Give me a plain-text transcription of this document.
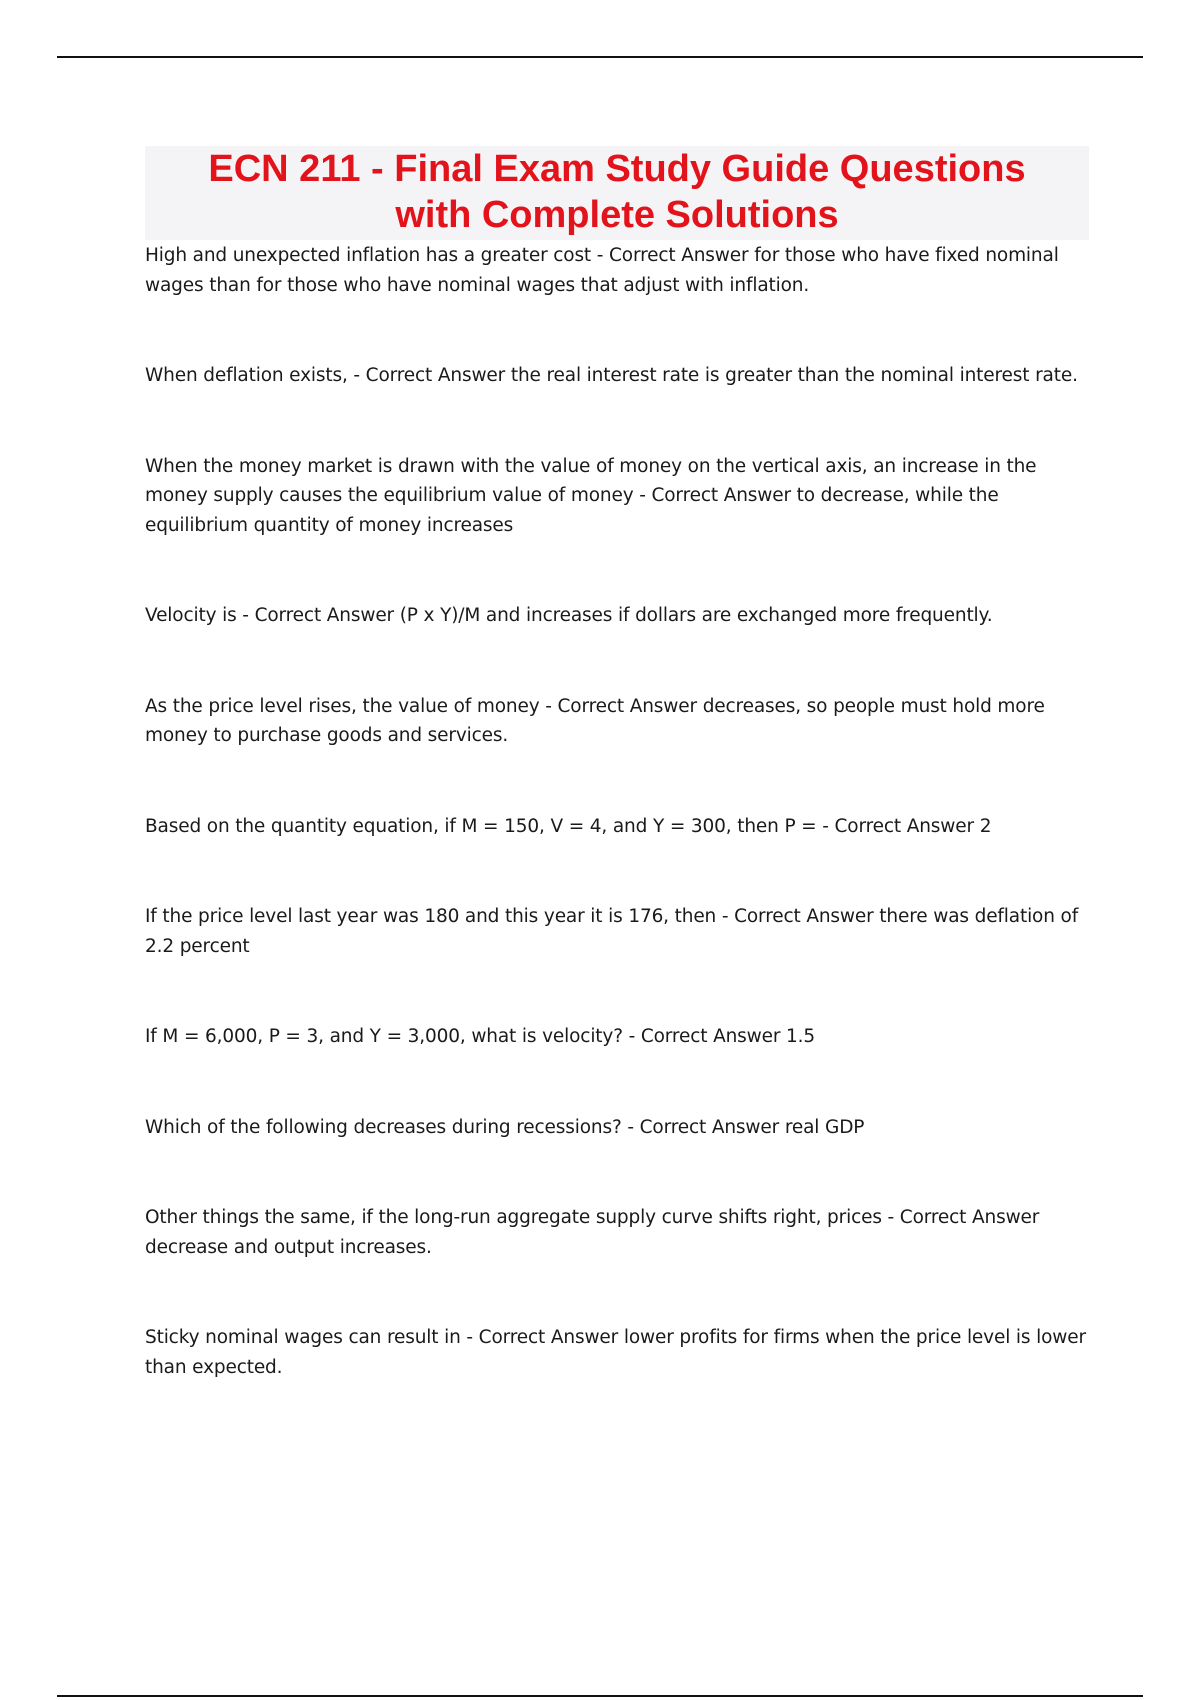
ECN 211 - Final Exam Study Guide Questions
with Complete Solutions

High and unexpected inflation has a greater cost - Correct Answer for those who have fixed nominal wages than for those who have nominal wages that adjust with inflation.

When deflation exists, - Correct Answer the real interest rate is greater than the nominal interest rate.

When the money market is drawn with the value of money on the vertical axis, an increase in the money supply causes the equilibrium value of money - Correct Answer to decrease, while the equilibrium quantity of money increases

Velocity is - Correct Answer (P x Y)/M and increases if dollars are exchanged more frequently.

As the price level rises, the value of money - Correct Answer decreases, so people must hold more money to purchase goods and services.

Based on the quantity equation, if M = 150, V = 4, and Y = 300, then P = - Correct Answer 2

If the price level last year was 180 and this year it is 176, then - Correct Answer there was deflation of 2.2 percent

If M = 6,000, P = 3, and Y = 3,000, what is velocity? - Correct Answer 1.5

Which of the following decreases during recessions? - Correct Answer real GDP

Other things the same, if the long-run aggregate supply curve shifts right, prices - Correct Answer decrease and output increases.

Sticky nominal wages can result in - Correct Answer lower profits for firms when the price level is lower than expected.
